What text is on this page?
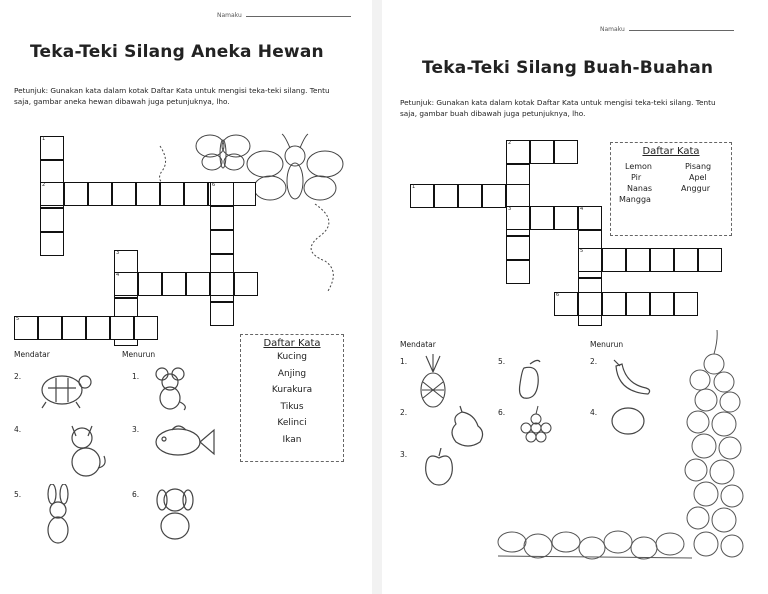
Namaku
Teka-Teki Silang Aneka Hewan
Petunjuk: Gunakan kata dalam kotak Daftar Kata untuk mengisi teka-teki silang. Tentu saja, gambar aneka hewan dibawah juga petunjuknya, lho.
Daftar Kata
Kucing
Anjing
Kurakura
Tikus
Kelinci
Ikan
Mendatar	Menurun
2.	1.
4.	3.
5.	6.
1
2	6
3
4
5
Namaku
Teka-Teki Silang Buah-Buahan
Petunjuk: Gunakan kata dalam kotak Daftar Kata untuk mengisi teka-teki silang. Tentu saja, gambar buah dibawah juga petunjuknya, lho.
Daftar Kata
Lemon	Pisang
Pir	Apel
Nanas	Anggur
Mangga
Mendatar	Menurun
1.	5.	2.
2.	6.	4.
3.
2
1
3	4
5
6
